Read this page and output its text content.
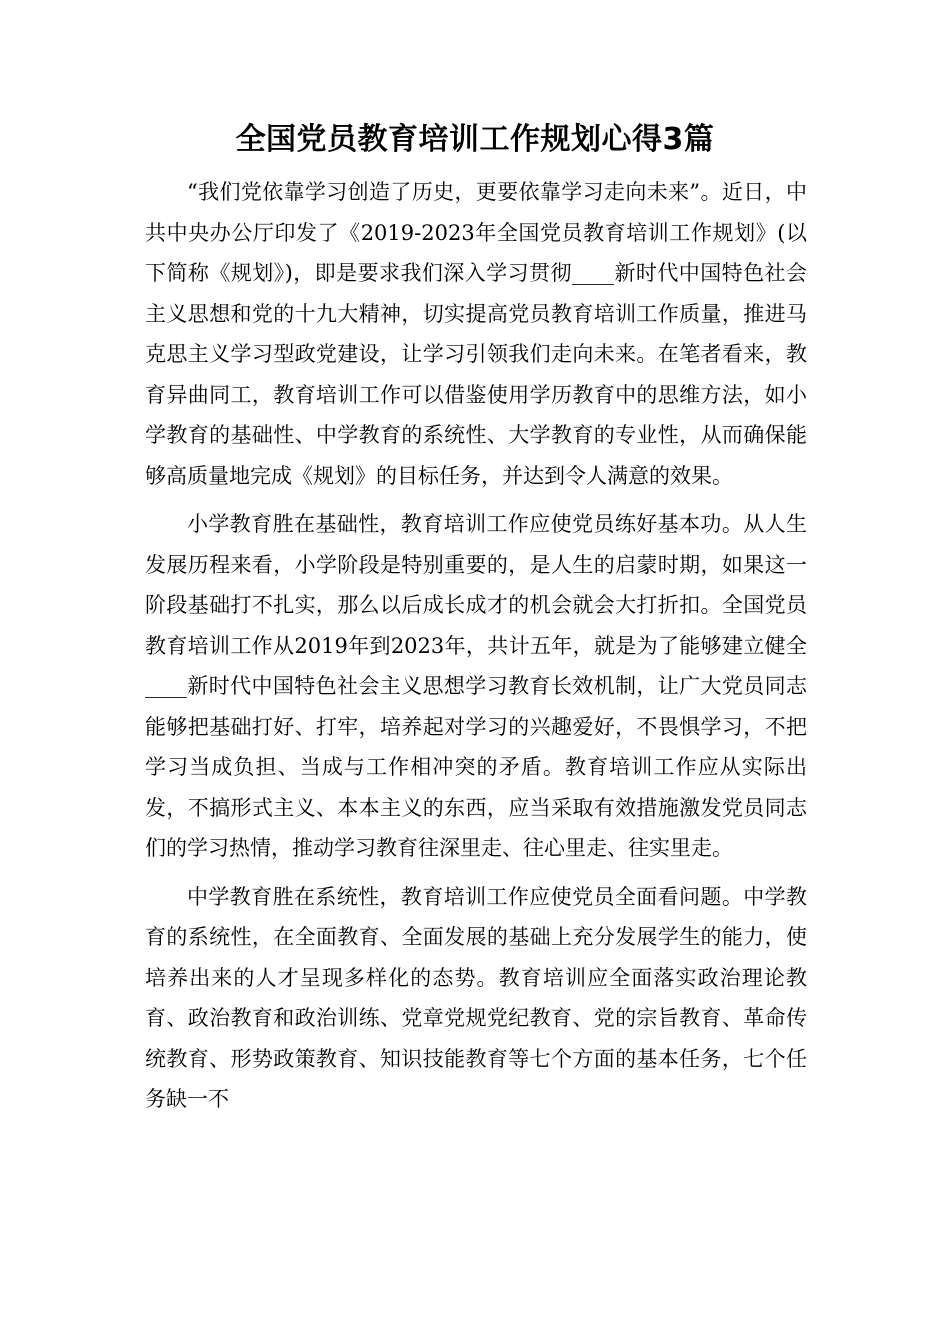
全国党员教育培训工作规划心得3篇

“我们党依靠学习创造了历史，更要依靠学习走向未来”。近日，中共中央办公厅印发了《2019-2023年全国党员教育培训工作规划》(以下简称《规划》)，即是要求我们深入学习贯彻____新时代中国特色社会主义思想和党的十九大精神，切实提高党员教育培训工作质量，推进马克思主义学习型政党建设，让学习引领我们走向未来。在笔者看来，教育异曲同工，教育培训工作可以借鉴使用学历教育中的思维方法，如小学教育的基础性、中学教育的系统性、大学教育的专业性，从而确保能够高质量地完成《规划》的目标任务，并达到令人满意的效果。

小学教育胜在基础性，教育培训工作应使党员练好基本功。从人生发展历程来看，小学阶段是特别重要的，是人生的启蒙时期，如果这一阶段基础打不扎实，那么以后成长成才的机会就会大打折扣。全国党员教育培训工作从2019年到2023年，共计五年，就是为了能够建立健全____新时代中国特色社会主义思想学习教育长效机制，让广大党员同志能够把基础打好、打牢，培养起对学习的兴趣爱好，不畏惧学习，不把学习当成负担、当成与工作相冲突的矛盾。教育培训工作应从实际出发，不搞形式主义、本本主义的东西，应当采取有效措施激发党员同志们的学习热情，推动学习教育往深里走、往心里走、往实里走。

中学教育胜在系统性，教育培训工作应使党员全面看问题。中学教育的系统性，在全面教育、全面发展的基础上充分发展学生的能力，使培养出来的人才呈现多样化的态势。教育培训应全面落实政治理论教育、政治教育和政治训练、党章党规党纪教育、党的宗旨教育、革命传统教育、形势政策教育、知识技能教育等七个方面的基本任务，七个任务缺一不
